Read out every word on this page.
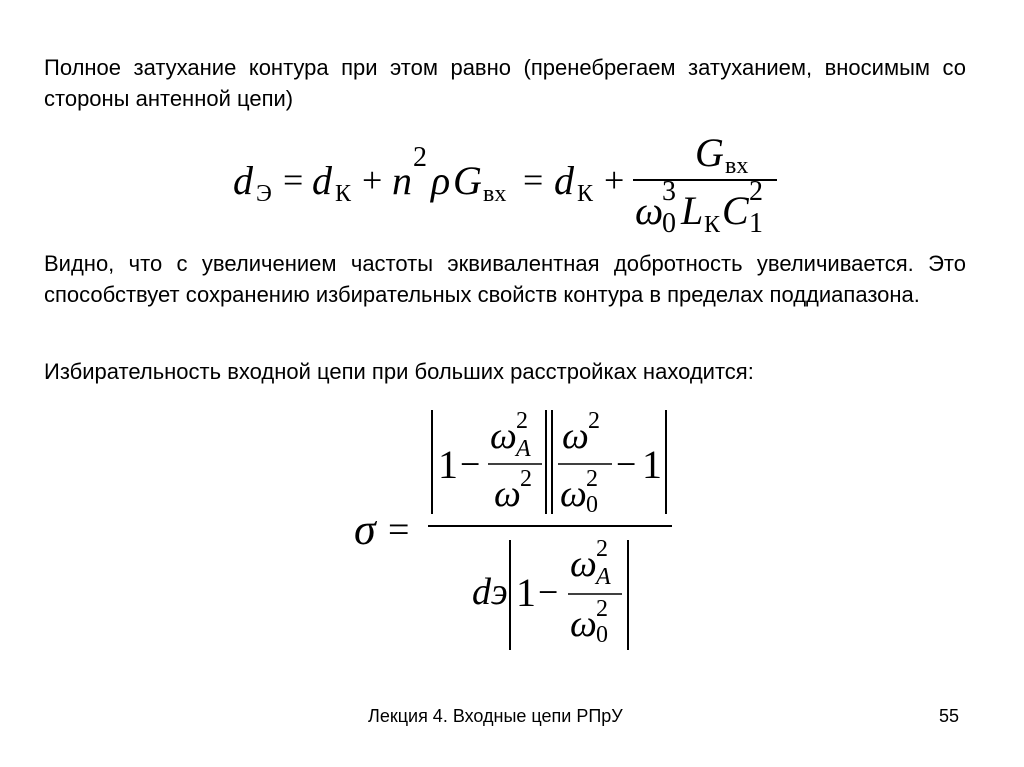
Полное затухание контура при этом равно (пренебрегаем затуханием, вносимым со стороны антенной цепи)

d Э = d К + n
2
ρ G вх = d К +
G вх
ω
3
0 L К C 2
1

Видно, что с увеличением частоты эквивалентная добротность увеличивается. Это способствует сохранению избирательных свойств контура в пределах поддиапазона.

Избирательность входной цепи при больших расстройках находится:

σ =
1 −
ω 2
A
ω 2
ω 2
ω 2
0
− 1
dэ 1 −
ω 2
A
ω 2
0
Лекция 4. Входные цепи РПрУ	55
